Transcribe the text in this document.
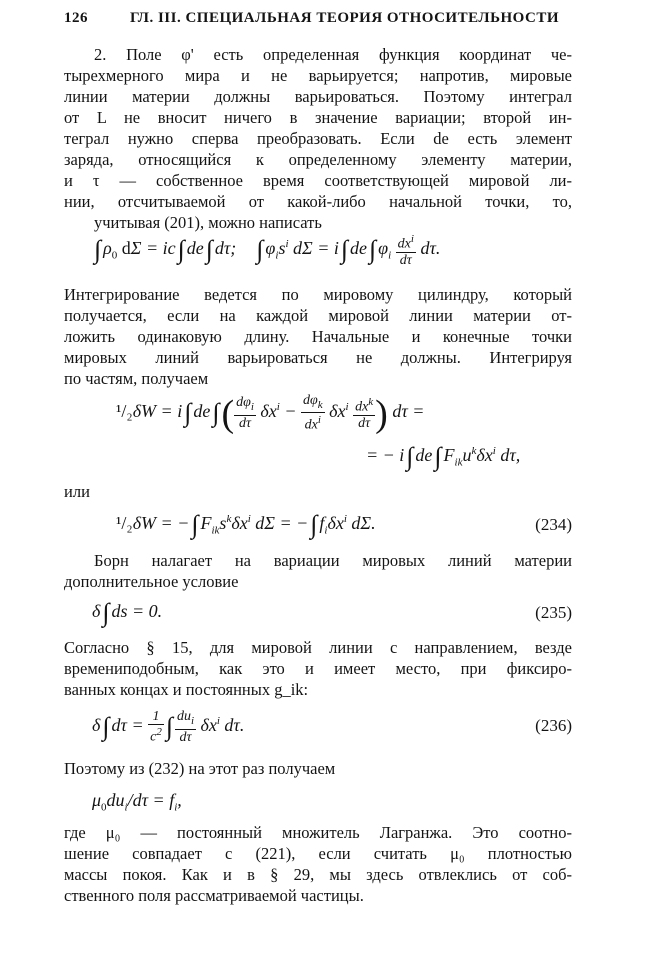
126	ГЛ. III. СПЕЦИАЛЬНАЯ ТЕОРИЯ ОТНОСИТЕЛЬНОСТИ
2. Поле φ' есть определенная функция координат че-
тырехмерного мира и не варьируется; напротив, мировые
линии материи должны варьироваться. Поэтому интеграл
от L не вносит ничего в значение вариации; второй ин-
теграл нужно сперва преобразовать. Если de есть элемент
заряда, относящийся к определенному элементу материи,
и τ — собственное время соответствующей мировой ли-
нии, отсчитываемой от какой-либо начальной точки, то,
учитывая (201), можно написать
∫ $\rho_0$ dΣ = ic∫ de∫ dτ;    ∫ $\varphi_is^i$ dΣ = i∫ de∫ $\varphi_i \frac{dx^i}{d\tau} d\tau$.
Интегрирование ведется по мировому цилиндру, который
получается, если на каждой мировой линии материи от-
ложить одинаковую длину. Начальные и конечные точки
мировых линий варьироваться не должны. Интегрируя
по частям, получаем
¹/₂δW = i∫ $de\int( \frac{d\varphi_i}{d\tau} \delta x^i - \frac{d\varphi_k}{dx^i} \delta x^i \frac{dx^k}{d\tau}$ ) dτ =
= − i∫ de∫ $F_{ik}u^k\delta x^i$ dτ,
или
¹/₂δW = −∫ $F_{ik}s^k\delta x^i$ dΣ = −∫ $f_i\delta x^i$ dΣ.	(234)
Борн налагает на вариации мировых линий материи
дополнительное условие
δ∫ ds = 0.	(235)
Согласно § 15, для мировой линии с направлением, везде
времениподобным, как это и имеет место, при фиксиро-
ванных концах и постоянных g_ik:
δ∫ $d\tau = \frac{1}{c^2}$ ∫ $\frac{du_i}{d\tau} \delta x^i$ dτ.	(236)
Поэтому из (232) на этот раз получаем
$\mu_0du_i/d\tau = f_i$,
где μ₀ — постоянный множитель Лагранжа. Это соотно-
шение совпадает с (221), если считать μ₀ плотностью
массы покоя. Как и в § 29, мы здесь отвлеклись от соб-
ственного поля рассматриваемой частицы.
